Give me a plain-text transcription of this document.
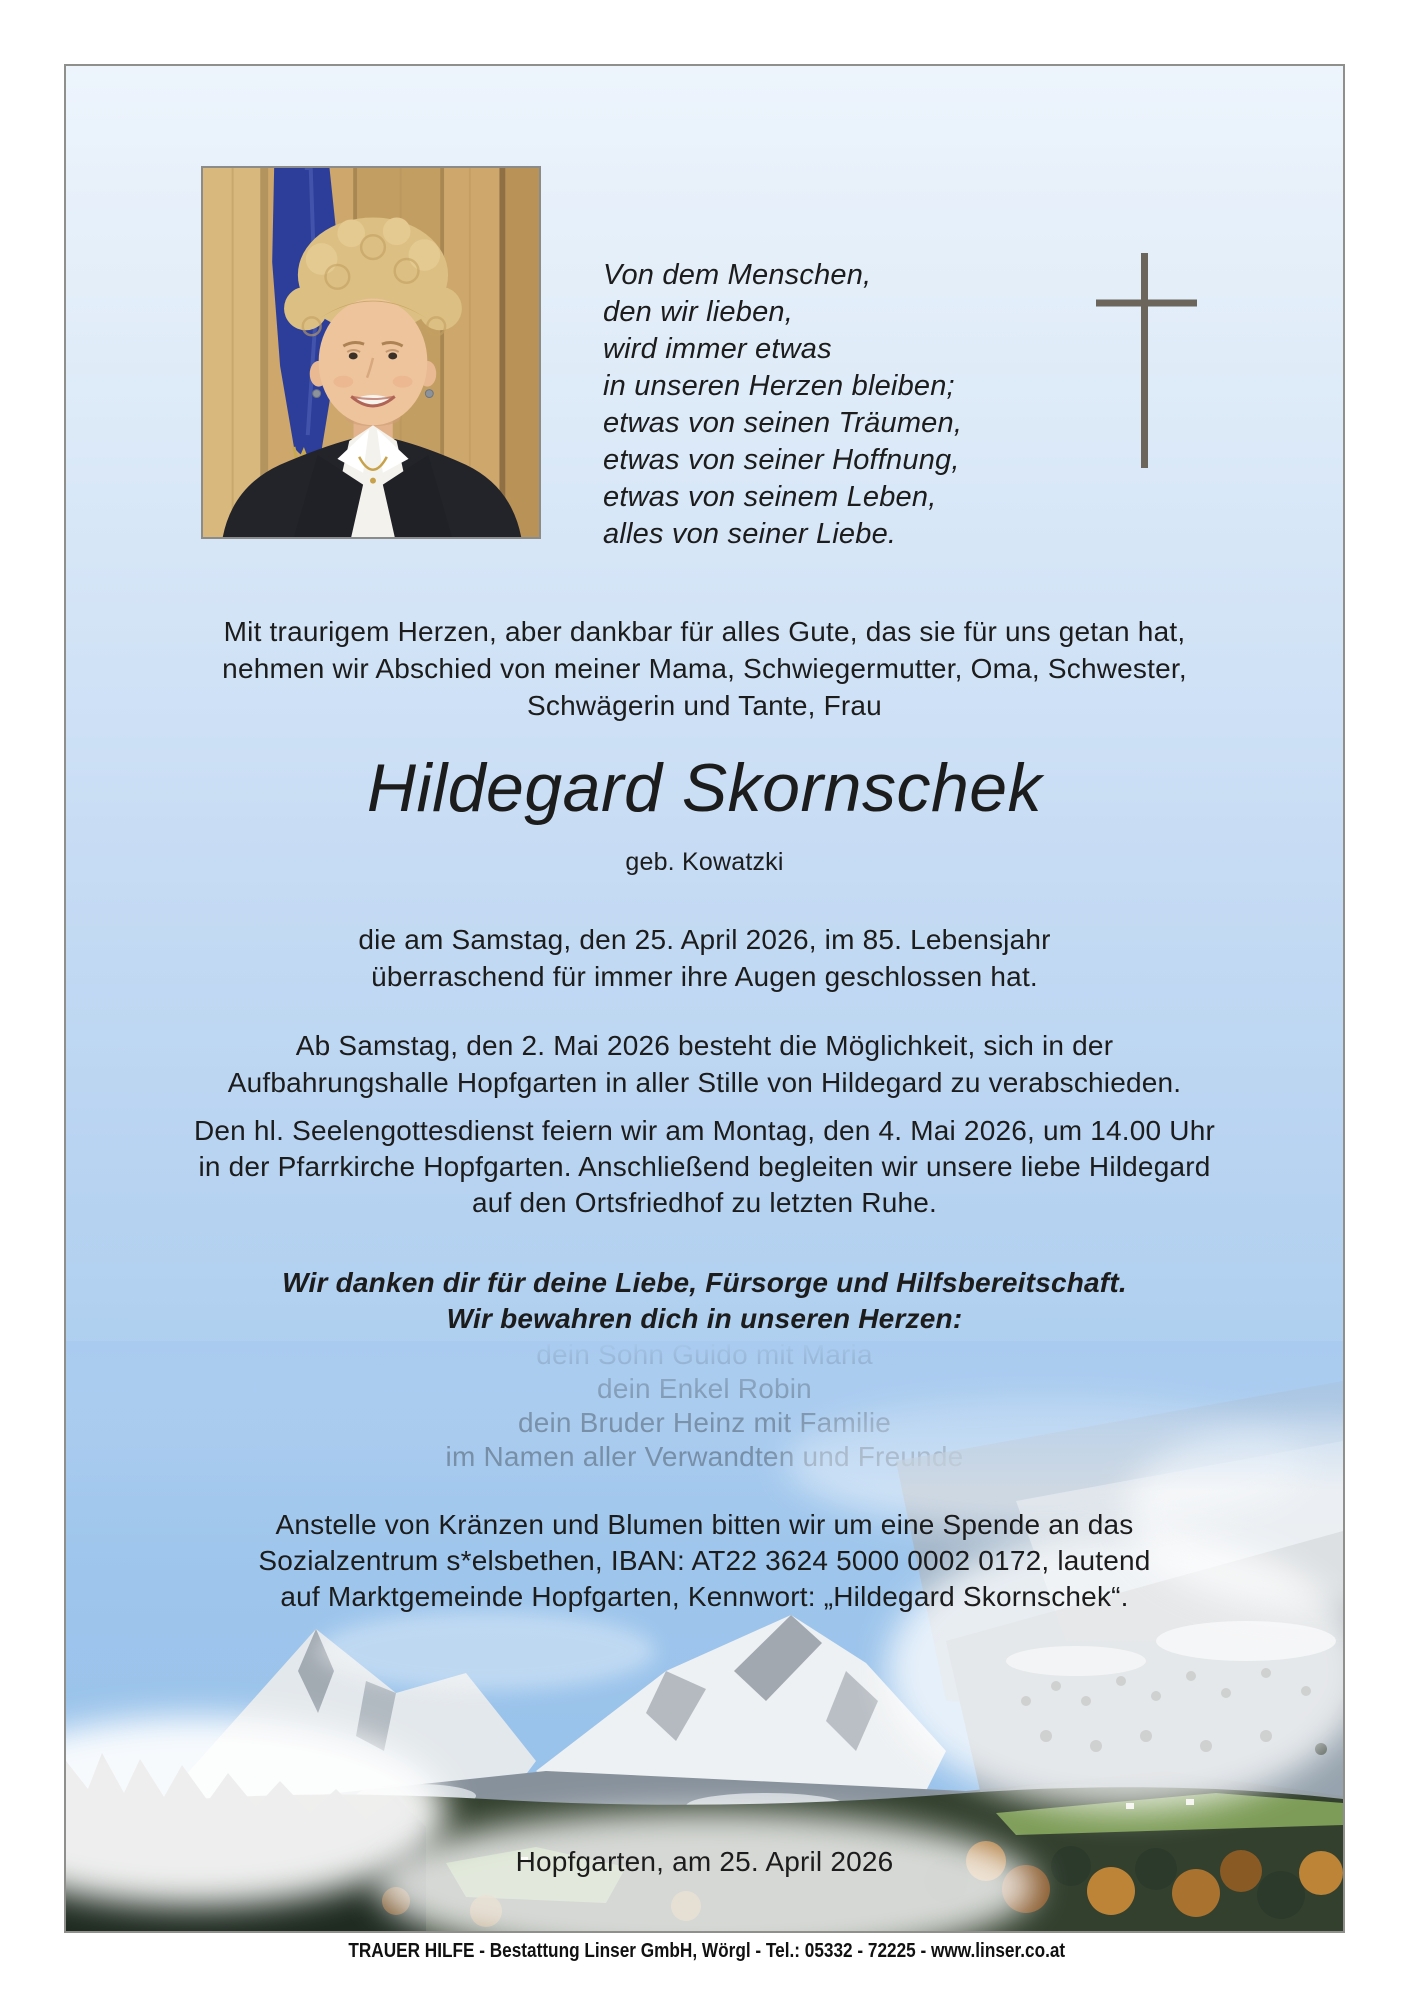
Von dem Menschen,
den wir lieben,
wird immer etwas
in unseren Herzen bleiben;
etwas von seinen Träumen,
etwas von seiner Hoffnung,
etwas von seinem Leben,
alles von seiner Liebe.
Mit traurigem Herzen, aber dankbar für alles Gute, das sie für uns getan hat,
nehmen wir Abschied von meiner Mama, Schwiegermutter, Oma, Schwester,
Schwägerin und Tante, Frau
Hildegard Skornschek
geb. Kowatzki
die am Samstag, den 25. April 2026, im 85. Lebensjahr
überraschend für immer ihre Augen geschlossen hat.
Ab Samstag, den 2. Mai 2026 besteht die Möglichkeit, sich in der
Aufbahrungshalle Hopfgarten in aller Stille von Hildegard zu verabschieden.
Den hl. Seelengottesdienst feiern wir am Montag, den 4. Mai 2026, um 14.00 Uhr
in der Pfarrkirche Hopfgarten. Anschließend begleiten wir unsere liebe Hildegard
auf den Ortsfriedhof zu letzten Ruhe.
Wir danken dir für deine Liebe, Fürsorge und Hilfsbereitschaft.
Wir bewahren dich in unseren Herzen:
Anstelle von Kränzen und Blumen bitten wir um eine Spende an das
Sozialzentrum s*elsbethen, IBAN: AT22 3624 5000 0002 0172, lautend
auf Marktgemeinde Hopfgarten, Kennwort: „Hildegard Skornschek“.
Hopfgarten, am 25. April 2026
TRAUER HILFE - Bestattung Linser GmbH, Wörgl - Tel.: 05332 - 72225 - www.linser.co.at
